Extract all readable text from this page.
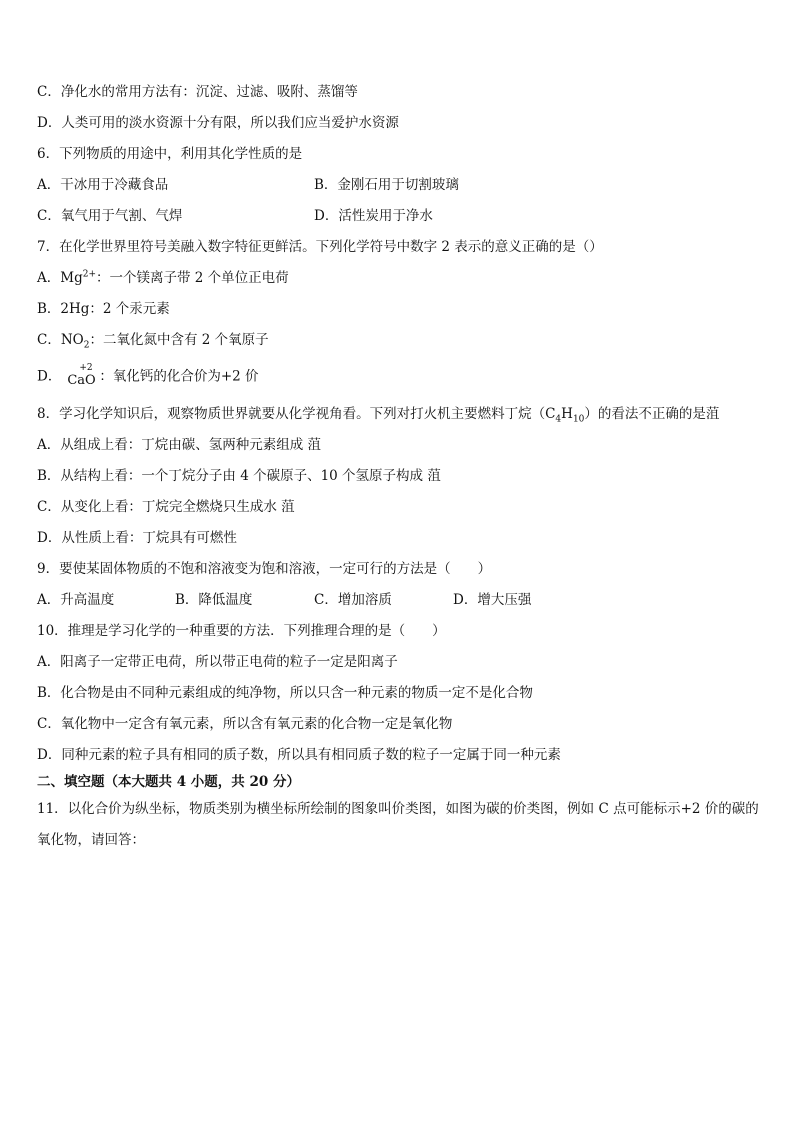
C．净化水的常用方法有：沉淀、过滤、吸附、蒸馏等
D．人类可用的淡水资源十分有限，所以我们应当爱护水资源
6．下列物质的用途中，利用其化学性质的是
A．干冰用于冷藏食品	B．金刚石用于切割玻璃
C．氧气用于气割、气焊	D．活性炭用于净水
7．在化学世界里符号美融入数字特征更鲜活。下列化学符号中数字 2 表示的意义正确的是（）
A．$Mg^{2+}$：一个镁离子带 2 个单位正电荷
B．2Hg：2 个汞元素
C．$NO_2$：二氧化氮中含有 2 个氧原子
D．
+2
CaO ：氧化钙的化合价为+2 价
8．学习化学知识后，观察物质世界就要从化学视角看。下列对打火机主要燃料丁烷$(C_4H_{10})$的看法不正确的是菹
A．从组成上看：丁烷由碳、氢两种元素组成 菹
B．从结构上看：一个丁烷分子由 4 个碳原子、10 个氢原子构成 菹
C．从变化上看：丁烷完全燃烧只生成水 菹
D．从性质上看：丁烷具有可燃性
9．要使某固体物质的不饱和溶液变为饱和溶液，一定可行的方法是（　　）
A．升高温度	B．降低温度	C．增加溶质	D．增大压强
10．推理是学习化学的一种重要的方法．下列推理合理的是（　　）
A．阳离子一定带正电荷，所以带正电荷的粒子一定是阳离子
B．化合物是由不同种元素组成的纯净物，所以只含一种元素的物质一定不是化合物
C．氧化物中一定含有氧元素，所以含有氧元素的化合物一定是氧化物
D．同种元素的粒子具有相同的质子数，所以具有相同质子数的粒子一定属于同一种元素
二、填空题（本大题共 4 小题，共 20 分）
11．以化合价为纵坐标，物质类别为横坐标所绘制的图象叫价类图，如图为碳的价类图，例如 C 点可能标示+2 价的碳的氧化物，请回答：
